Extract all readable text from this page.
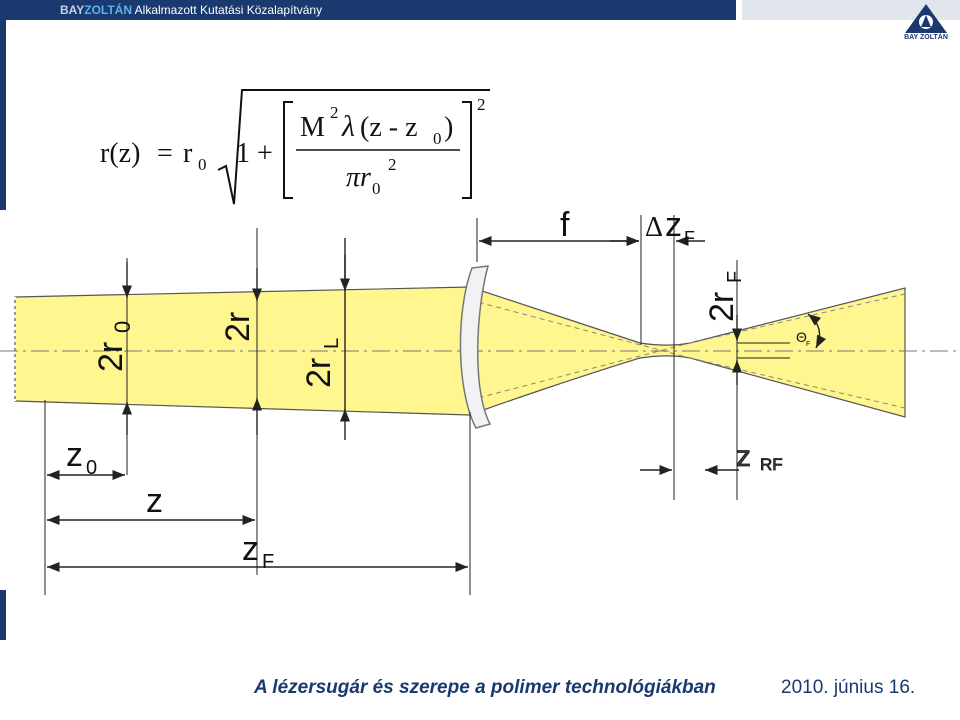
BAYZOLTÁN Alkalmazott Kutatási Közalapítvány
BAY ZOLTÁN
r(z) = r 0 1 +
M 2 λ (z - z 0 )
πr 0
2
2
2r
0 2r
2r
L
2r
F
f	Δ z F
Θ F
z 0
z
z F
z RF
A lézersugár és szerepe a polimer technológiákban	2010. június 16.
